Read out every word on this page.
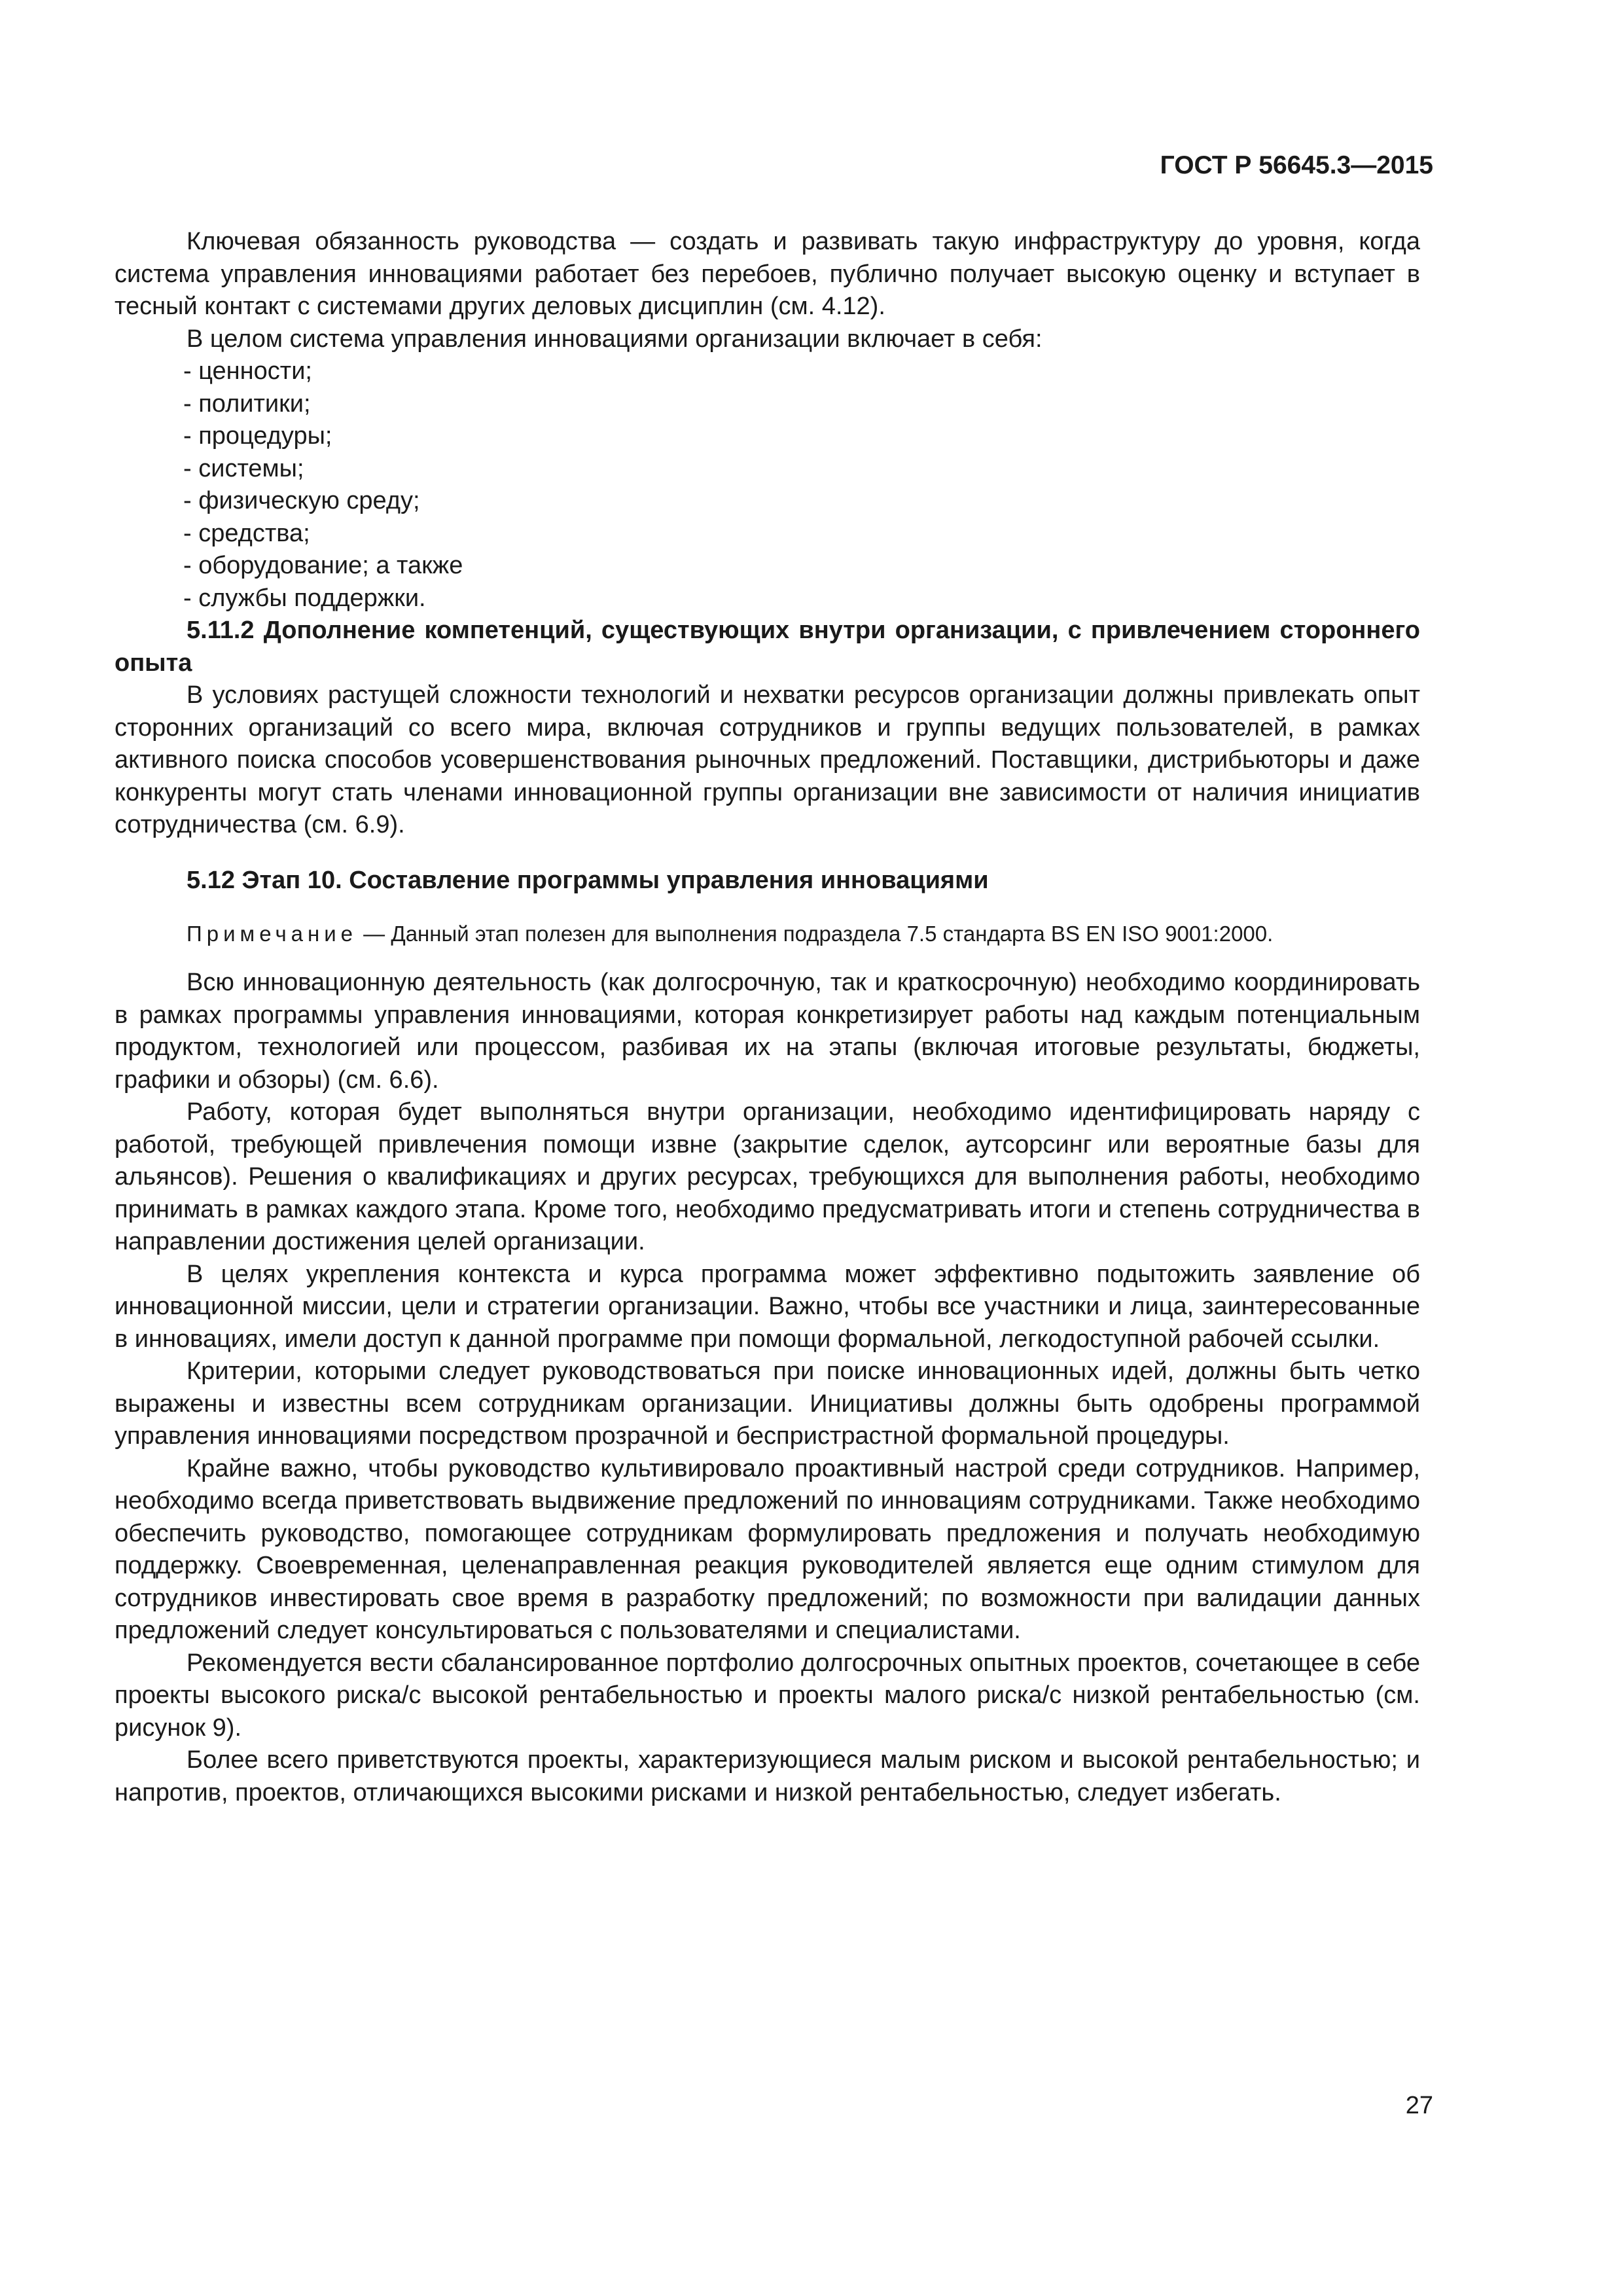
ГОСТ Р 56645.3—2015

Ключевая обязанность руководства — создать и развивать такую инфраструктуру до уровня, когда система управления инновациями работает без перебоев, публично получает высокую оценку и вступает в тесный контакт с системами других деловых дисциплин (см. 4.12).

В целом система управления инновациями организации включает в себя:

- ценности;

- политики;

- процедуры;

- системы;

- физическую среду;

- средства;

- оборудование; а также

- службы поддержки.

5.11.2 Дополнение компетенций, существующих внутри организации, с привлечением стороннего опыта

В условиях растущей сложности технологий и нехватки ресурсов организации должны привлекать опыт сторонних организаций со всего мира, включая сотрудников и группы ведущих пользователей, в рамках активного поиска способов усовершенствования рыночных предложений. Поставщики, дистрибьюторы и даже конкуренты могут стать членами инновационной группы организации вне зависимости от наличия инициатив сотрудничества (см. 6.9).

5.12 Этап 10. Составление программы управления инновациями

Примечание — Данный этап полезен для выполнения подраздела 7.5 стандарта BS EN ISO 9001:2000.

Всю инновационную деятельность (как долгосрочную, так и краткосрочную) необходимо координировать в рамках программы управления инновациями, которая конкретизирует работы над каждым потенциальным продуктом, технологией или процессом, разбивая их на этапы (включая итоговые результаты, бюджеты, графики и обзоры) (см. 6.6).

Работу, которая будет выполняться внутри организации, необходимо идентифицировать наряду с работой, требующей привлечения помощи извне (закрытие сделок, аутсорсинг или вероятные базы для альянсов). Решения о квалификациях и других ресурсах, требующихся для выполнения работы, необходимо принимать в рамках каждого этапа. Кроме того, необходимо предусматривать итоги и степень сотрудничества в направлении достижения целей организации.

В целях укрепления контекста и курса программа может эффективно подытожить заявление об инновационной миссии, цели и стратегии организации. Важно, чтобы все участники и лица, заинтересованные в инновациях, имели доступ к данной программе при помощи формальной, легкодоступной рабочей ссылки.

Критерии, которыми следует руководствоваться при поиске инновационных идей, должны быть четко выражены и известны всем сотрудникам организации. Инициативы должны быть одобрены программой управления инновациями посредством прозрачной и беспристрастной формальной процедуры.

Крайне важно, чтобы руководство культивировало проактивный настрой среди сотрудников. Например, необходимо всегда приветствовать выдвижение предложений по инновациям сотрудниками. Также необходимо обеспечить руководство, помогающее сотрудникам формулировать предложения и получать необходимую поддержку. Своевременная, целенаправленная реакция руководителей является еще одним стимулом для сотрудников инвестировать свое время в разработку предложений; по возможности при валидации данных предложений следует консультироваться с пользователями и специалистами.

Рекомендуется вести сбалансированное портфолио долгосрочных опытных проектов, сочетающее в себе проекты высокого риска/с высокой рентабельностью и проекты малого риска/с низкой рентабельностью (см. рисунок 9).

Более всего приветствуются проекты, характеризующиеся малым риском и высокой рентабельностью; и напротив, проектов, отличающихся высокими рисками и низкой рентабельностью, следует избегать.

27
